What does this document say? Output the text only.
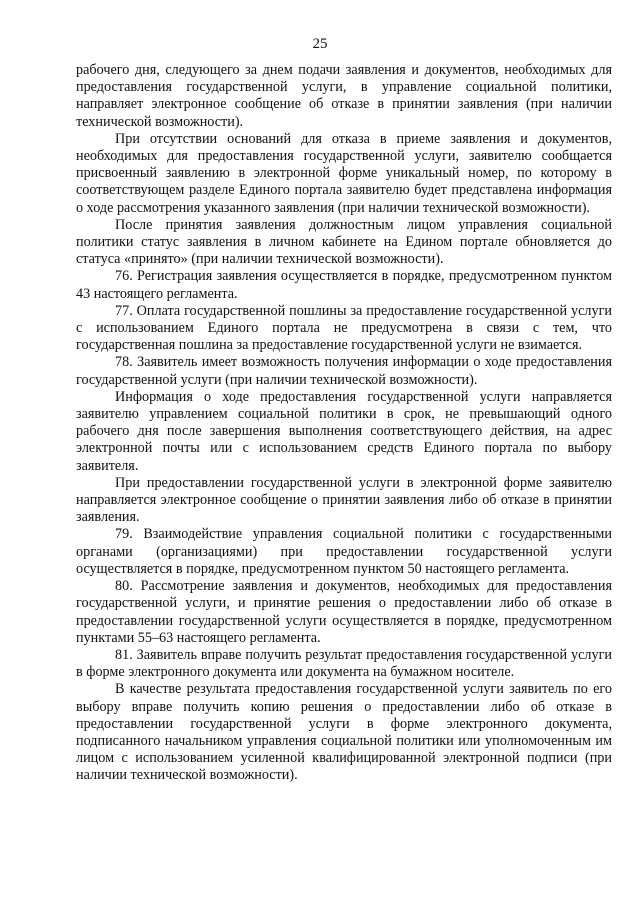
25

рабочего дня, следующего за днем подачи заявления и документов, необходимых для предоставления государственной услуги, в управление социальной политики, направляет электронное сообщение об отказе в принятии заявления (при наличии технической возможности).

При отсутствии оснований для отказа в приеме заявления и документов, необходимых для предоставления государственной услуги, заявителю сообщается присвоенный заявлению в электронной форме уникальный номер, по которому в соответствующем разделе Единого портала заявителю будет представлена информация о ходе рассмотрения указанного заявления (при наличии технической возможности).

После принятия заявления должностным лицом управления социальной политики статус заявления в личном кабинете на Едином портале обновляется до статуса «принято» (при наличии технической возможности).

76. Регистрация заявления осуществляется в порядке, предусмотренном пунктом 43 настоящего регламента.

77. Оплата государственной пошлины за предоставление государственной услуги с использованием Единого портала не предусмотрена в связи с тем, что государственная пошлина за предоставление государственной услуги не взимается.

78. Заявитель имеет возможность получения информации о ходе предоставления государственной услуги (при наличии технической возможности).

Информация о ходе предоставления государственной услуги направляется заявителю управлением социальной политики в срок, не превышающий одного рабочего дня после завершения выполнения соответствующего действия, на адрес электронной почты или с использованием средств Единого портала по выбору заявителя.

При предоставлении государственной услуги в электронной форме заявителю направляется электронное сообщение о принятии заявления либо об отказе в принятии заявления.

79. Взаимодействие управления социальной политики с государственными органами (организациями) при предоставлении государственной услуги осуществляется в порядке, предусмотренном пунктом 50 настоящего регламента.

80. Рассмотрение заявления и документов, необходимых для предоставления государственной услуги, и принятие решения о предоставлении либо об отказе в предоставлении государственной услуги осуществляется в порядке, предусмотренном пунктами 55–63 настоящего регламента.

81. Заявитель вправе получить результат предоставления государственной услуги в форме электронного документа или документа на бумажном носителе.

В качестве результата предоставления государственной услуги заявитель по его выбору вправе получить копию решения о предоставлении либо об отказе в предоставлении государственной услуги в форме электронного документа, подписанного начальником управления социальной политики или уполномоченным им лицом с использованием усиленной квалифицированной электронной подписи (при наличии технической возможности).
